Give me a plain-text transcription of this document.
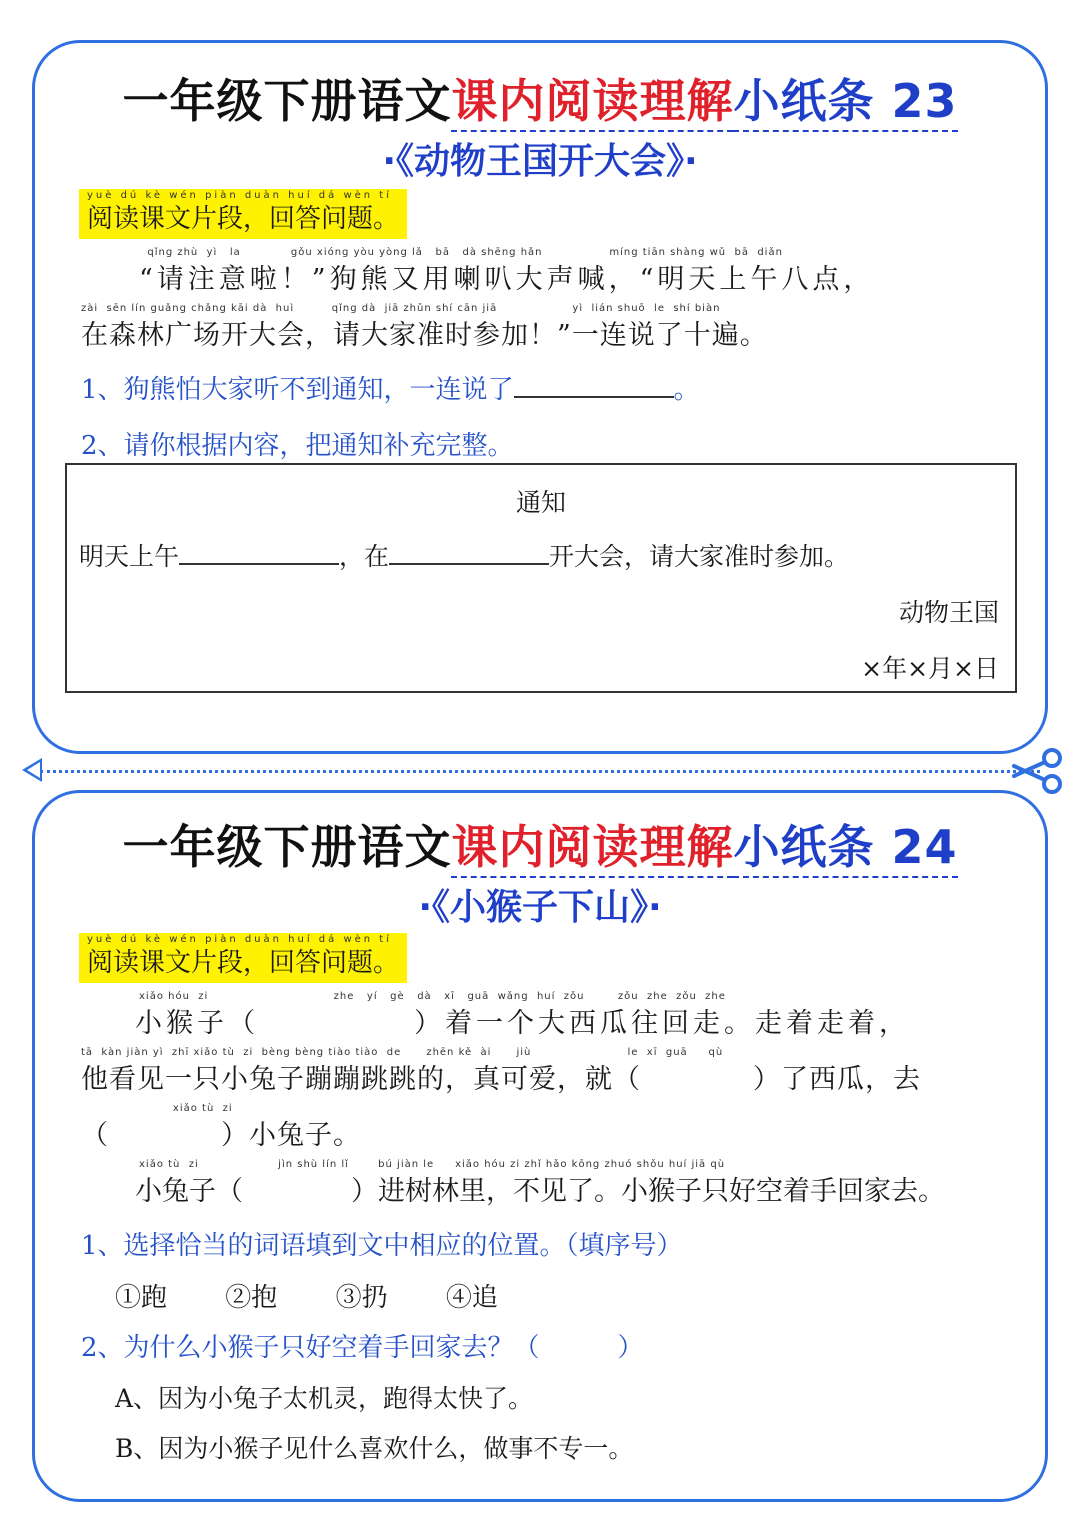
一年级下册语文课内阅读理解小纸条 23
·《动物王国开大会》·
yuè dú kè wén piàn duàn huí dá wèn tí
阅读课文片段，回答问题。
qǐng zhù  yì   la            gǒu xióng yòu yòng lǎ   bā   dà shēng hǎn                míng tiān shàng wǔ  bā  diǎn
“请注意啦！”狗熊又用喇叭大声喊，“明天上午八点，
zài  sēn lín guǎng chǎng kāi dà  huì         qǐng dà  jiā zhǔn shí cān jiā                  yì  lián shuō  le  shí biàn
在森林广场开大会，请大家准时参加！”一连说了十遍。
1、狗熊怕大家听不到通知，一连说了	。
2、请你根据内容，把通知补充完整。
通知
明天上午	，在	开大会，请大家准时参加。
动物王国
×年×月×日
一年级下册语文课内阅读理解小纸条 24
·《小猴子下山》·
yuè dú kè wén piàn duàn huí dá wèn tí
阅读课文片段，回答问题。
xiǎo hóu  zi                              zhe   yí   gè   dà   xī   guā  wǎng  huí  zǒu        zǒu  zhe  zǒu  zhe
小猴子（　　　　　）着一个大西瓜往回走。走着走着，
tā  kàn jiàn yì  zhī xiǎo tù  zi  bèng bèng tiào tiào  de      zhēn kě  ài      jiù                       le  xī  guā     qù
他看见一只小兔子蹦蹦跳跳的，真可爱，就（　　　　）了西瓜，去
xiǎo tù  zi
（　　　　）小兔子。
xiǎo tù  zi                   jìn shù lín lǐ       bú jiàn le     xiǎo hóu zi zhǐ hǎo kōng zhuó shǒu huí jiā qù
小兔子（　　　　）进树林里，不见了。小猴子只好空着手回家去。
1、选择恰当的词语填到文中相应的位置。（填序号）
①跑 ②抱 ③扔 ④追
2、为什么小猴子只好空着手回家去？（　　　）
A、因为小兔子太机灵，跑得太快了。
B、因为小猴子见什么喜欢什么，做事不专一。
